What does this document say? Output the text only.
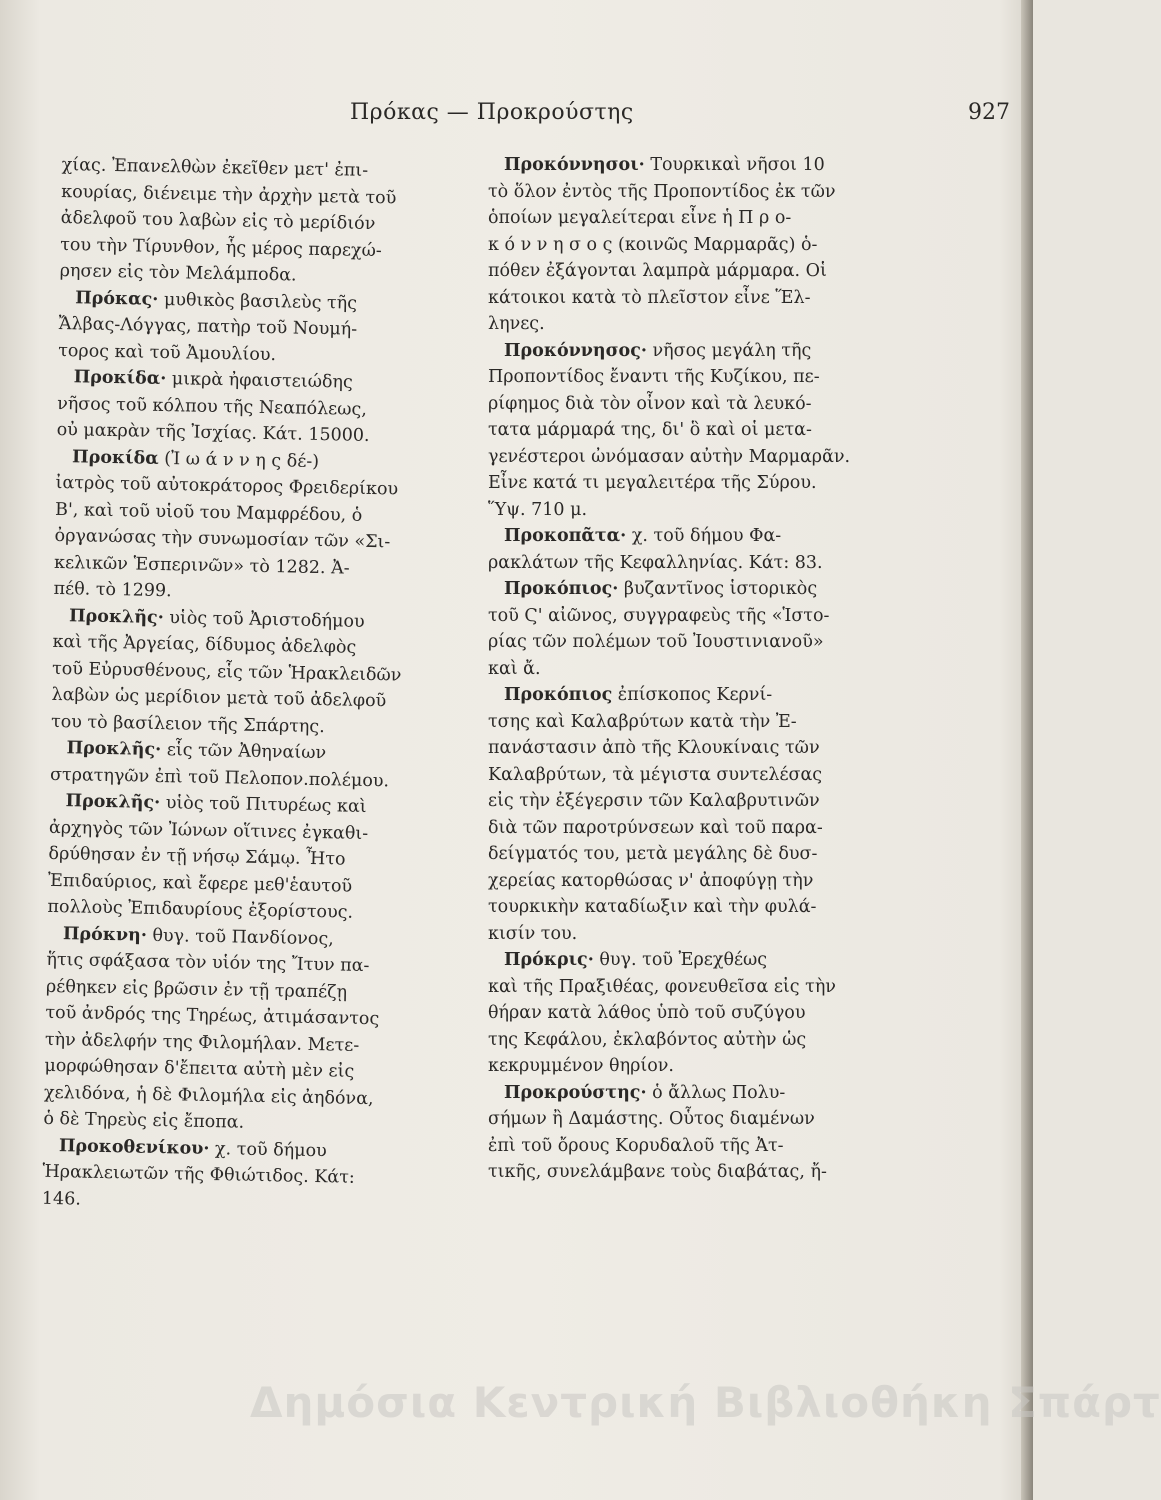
Πρόκας — Προκρούστης	927
χίας. Ἐπανελθὼν ἐκεῖθεν μετ' ἐπι-
κουρίας, διένειμε τὴν ἀρχὴν μετὰ τοῦ
ἀδελφοῦ του λαβὼν εἰς τὸ μερίδιόν
του τὴν Τίρυνθον, ἧς μέρος παρεχώ-
ρησεν εἰς τὸν Μελάμποδα.
Πρόκας· μυθικὸς βασιλεὺς τῆς
Ἄλβας-Λόγγας, πατὴρ τοῦ Νουμή-
τορος καὶ τοῦ Ἀμουλίου.
Προκίδα· μικρὰ ἠφαιστειώδης
νῆσος τοῦ κόλπου τῆς Νεαπόλεως,
οὐ μακρὰν τῆς Ἰσχίας. Κάτ. 15000.
Προκίδα (Ἰ ω ά ν ν η ς δέ-)
ἰατρὸς τοῦ αὐτοκράτορος Φρειδερίκου
Β', καὶ τοῦ υἱοῦ του Μαμφρέδου, ὁ
ὀργανώσας τὴν συνωμοσίαν τῶν «Σι-
κελικῶν Ἑσπερινῶν» τὸ 1282. Ἀ-
πέθ. τὸ 1299.
Προκλῆς· υἱὸς τοῦ Ἀριστοδήμου
καὶ τῆς Ἀργείας, δίδυμος ἀδελφὸς
τοῦ Εὐρυσθένους, εἷς τῶν Ἡρακλειδῶν
λαβὼν ὡς μερίδιον μετὰ τοῦ ἀδελφοῦ
του τὸ βασίλειον τῆς Σπάρτης.
Προκλῆς· εἷς τῶν Ἀθηναίων
στρατηγῶν ἐπὶ τοῦ Πελοπον.πολέμου.
Προκλῆς· υἱὸς τοῦ Πιτυρέως καὶ
ἀρχηγὸς τῶν Ἰώνων οἵτινες ἐγκαθι-
δρύθησαν ἐν τῇ νήσῳ Σάμῳ. Ἦτο
Ἐπιδαύριος, καὶ ἔφερε μεθ'ἑαυτοῦ
πολλοὺς Ἐπιδαυρίους ἐξορίστους.
Πρόκνη· θυγ. τοῦ Πανδίονος,
ἥτις σφάξασα τὸν υἱόν της Ἴτυν πα-
ρέθηκεν εἰς βρῶσιν ἐν τῇ τραπέζῃ
τοῦ ἀνδρός της Τηρέως, ἀτιμάσαντος
τὴν ἀδελφήν της Φιλομήλαν. Μετε-
μορφώθησαν δ'ἔπειτα αὐτὴ μὲν εἰς
χελιδόνα, ἡ δὲ Φιλομήλα εἰς ἀηδόνα,
ὁ δὲ Τηρεὺς εἰς ἔποπα.
Προκοθενίκου· χ. τοῦ δήμου
Ἡρακλειωτῶν τῆς Φθιώτιδος. Κάτ:
146.
Προκόννησοι· Τουρκικαὶ νῆσοι 10
τὸ ὅλον ἐντὸς τῆς Προποντίδος ἐκ τῶν
ὁποίων μεγαλείτεραι εἶνε ἡ Π ρ ο-
κ ό ν ν η σ ο ς (κοινῶς Μαρμαρᾶς) ὁ-
πόθεν ἐξάγονται λαμπρὰ μάρμαρα. Οἱ
κάτοικοι κατὰ τὸ πλεῖστον εἶνε Ἕλ-
ληνες.
Προκόννησος· νῆσος μεγάλη τῆς
Προποντίδος ἔναντι τῆς Κυζίκου, πε-
ρίφημος διὰ τὸν οἶνον καὶ τὰ λευκό-
τατα μάρμαρά της, δι' ὃ καὶ οἱ μετα-
γενέστεροι ὠνόμασαν αὐτὴν Μαρμαρᾶν.
Εἶνε κατά τι μεγαλειτέρα τῆς Σύρου.
Ὕψ. 710 μ.
Προκοπᾶτα· χ. τοῦ δήμου Φα-
ρακλάτων τῆς Κεφαλληνίας. Κάτ: 83.
Προκόπιος· βυζαντῖνος ἱστορικὸς
τοῦ Ϛ' αἰῶνος, συγγραφεὺς τῆς «Ἱστο-
ρίας τῶν πολέμων τοῦ Ἰουστινιανοῦ»
καὶ ἄ.
Προκόπιος ἐπίσκοπος Κερνί-
τσης καὶ Καλαβρύτων κατὰ τὴν Ἐ-
πανάστασιν ἀπὸ τῆς Κλουκίναις τῶν
Καλαβρύτων, τὰ μέγιστα συντελέσας
εἰς τὴν ἐξέγερσιν τῶν Καλαβρυτινῶν
διὰ τῶν παροτρύνσεων καὶ τοῦ παρα-
δείγματός του, μετὰ μεγάλης δὲ δυσ-
χερείας κατορθώσας ν' ἀποφύγῃ τὴν
τουρκικὴν καταδίωξιν καὶ τὴν φυλά-
κισίν του.
Πρόκρις· θυγ. τοῦ Ἐρεχθέως
καὶ τῆς Πραξιθέας, φονευθεῖσα εἰς τὴν
θήραν κατὰ λάθος ὑπὸ τοῦ συζύγου
της Κεφάλου, ἐκλαβόντος αὐτὴν ὡς
κεκρυμμένον θηρίον.
Προκρούστης· ὁ ἄλλως Πολυ-
σήμων ἢ Δαμάστης. Οὗτος διαμένων
ἐπὶ τοῦ ὄρους Κορυδαλοῦ τῆς Ἀτ-
τικῆς, συνελάμβανε τοὺς διαβάτας, ἤ-
Δημόσια Κεντρική Βιβλιοθήκη Σπάρτ
